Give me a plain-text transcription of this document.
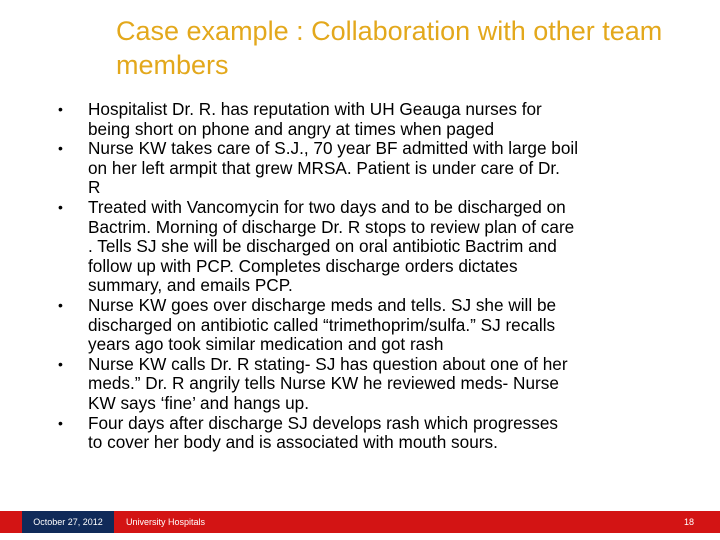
Case example : Collaboration with other team
members
•	Hospitalist Dr. R. has reputation with UH Geauga nurses for
being short on phone and angry at times when paged
•	Nurse KW takes care of S.J., 70 year BF admitted with large boil
on her left armpit that grew MRSA. Patient is under care of Dr.
R
•	Treated with Vancomycin for two days and to be discharged on
Bactrim. Morning of discharge Dr. R stops to review plan of care
. Tells SJ she will be discharged on oral antibiotic Bactrim and
follow up with PCP. Completes discharge orders dictates
summary, and emails PCP.
•	Nurse KW goes over discharge meds and tells. SJ she will be
discharged on antibiotic called “trimethoprim/sulfa.” SJ recalls
years ago took similar medication and got rash
•	Nurse KW calls Dr. R stating- SJ has question about one of her
meds.” Dr. R angrily tells Nurse KW he reviewed meds- Nurse
KW says ‘fine’ and hangs up.
•	Four days after discharge SJ develops rash which progresses
to cover her body and is associated with mouth sours.
October 27, 2012	University Hospitals	18
